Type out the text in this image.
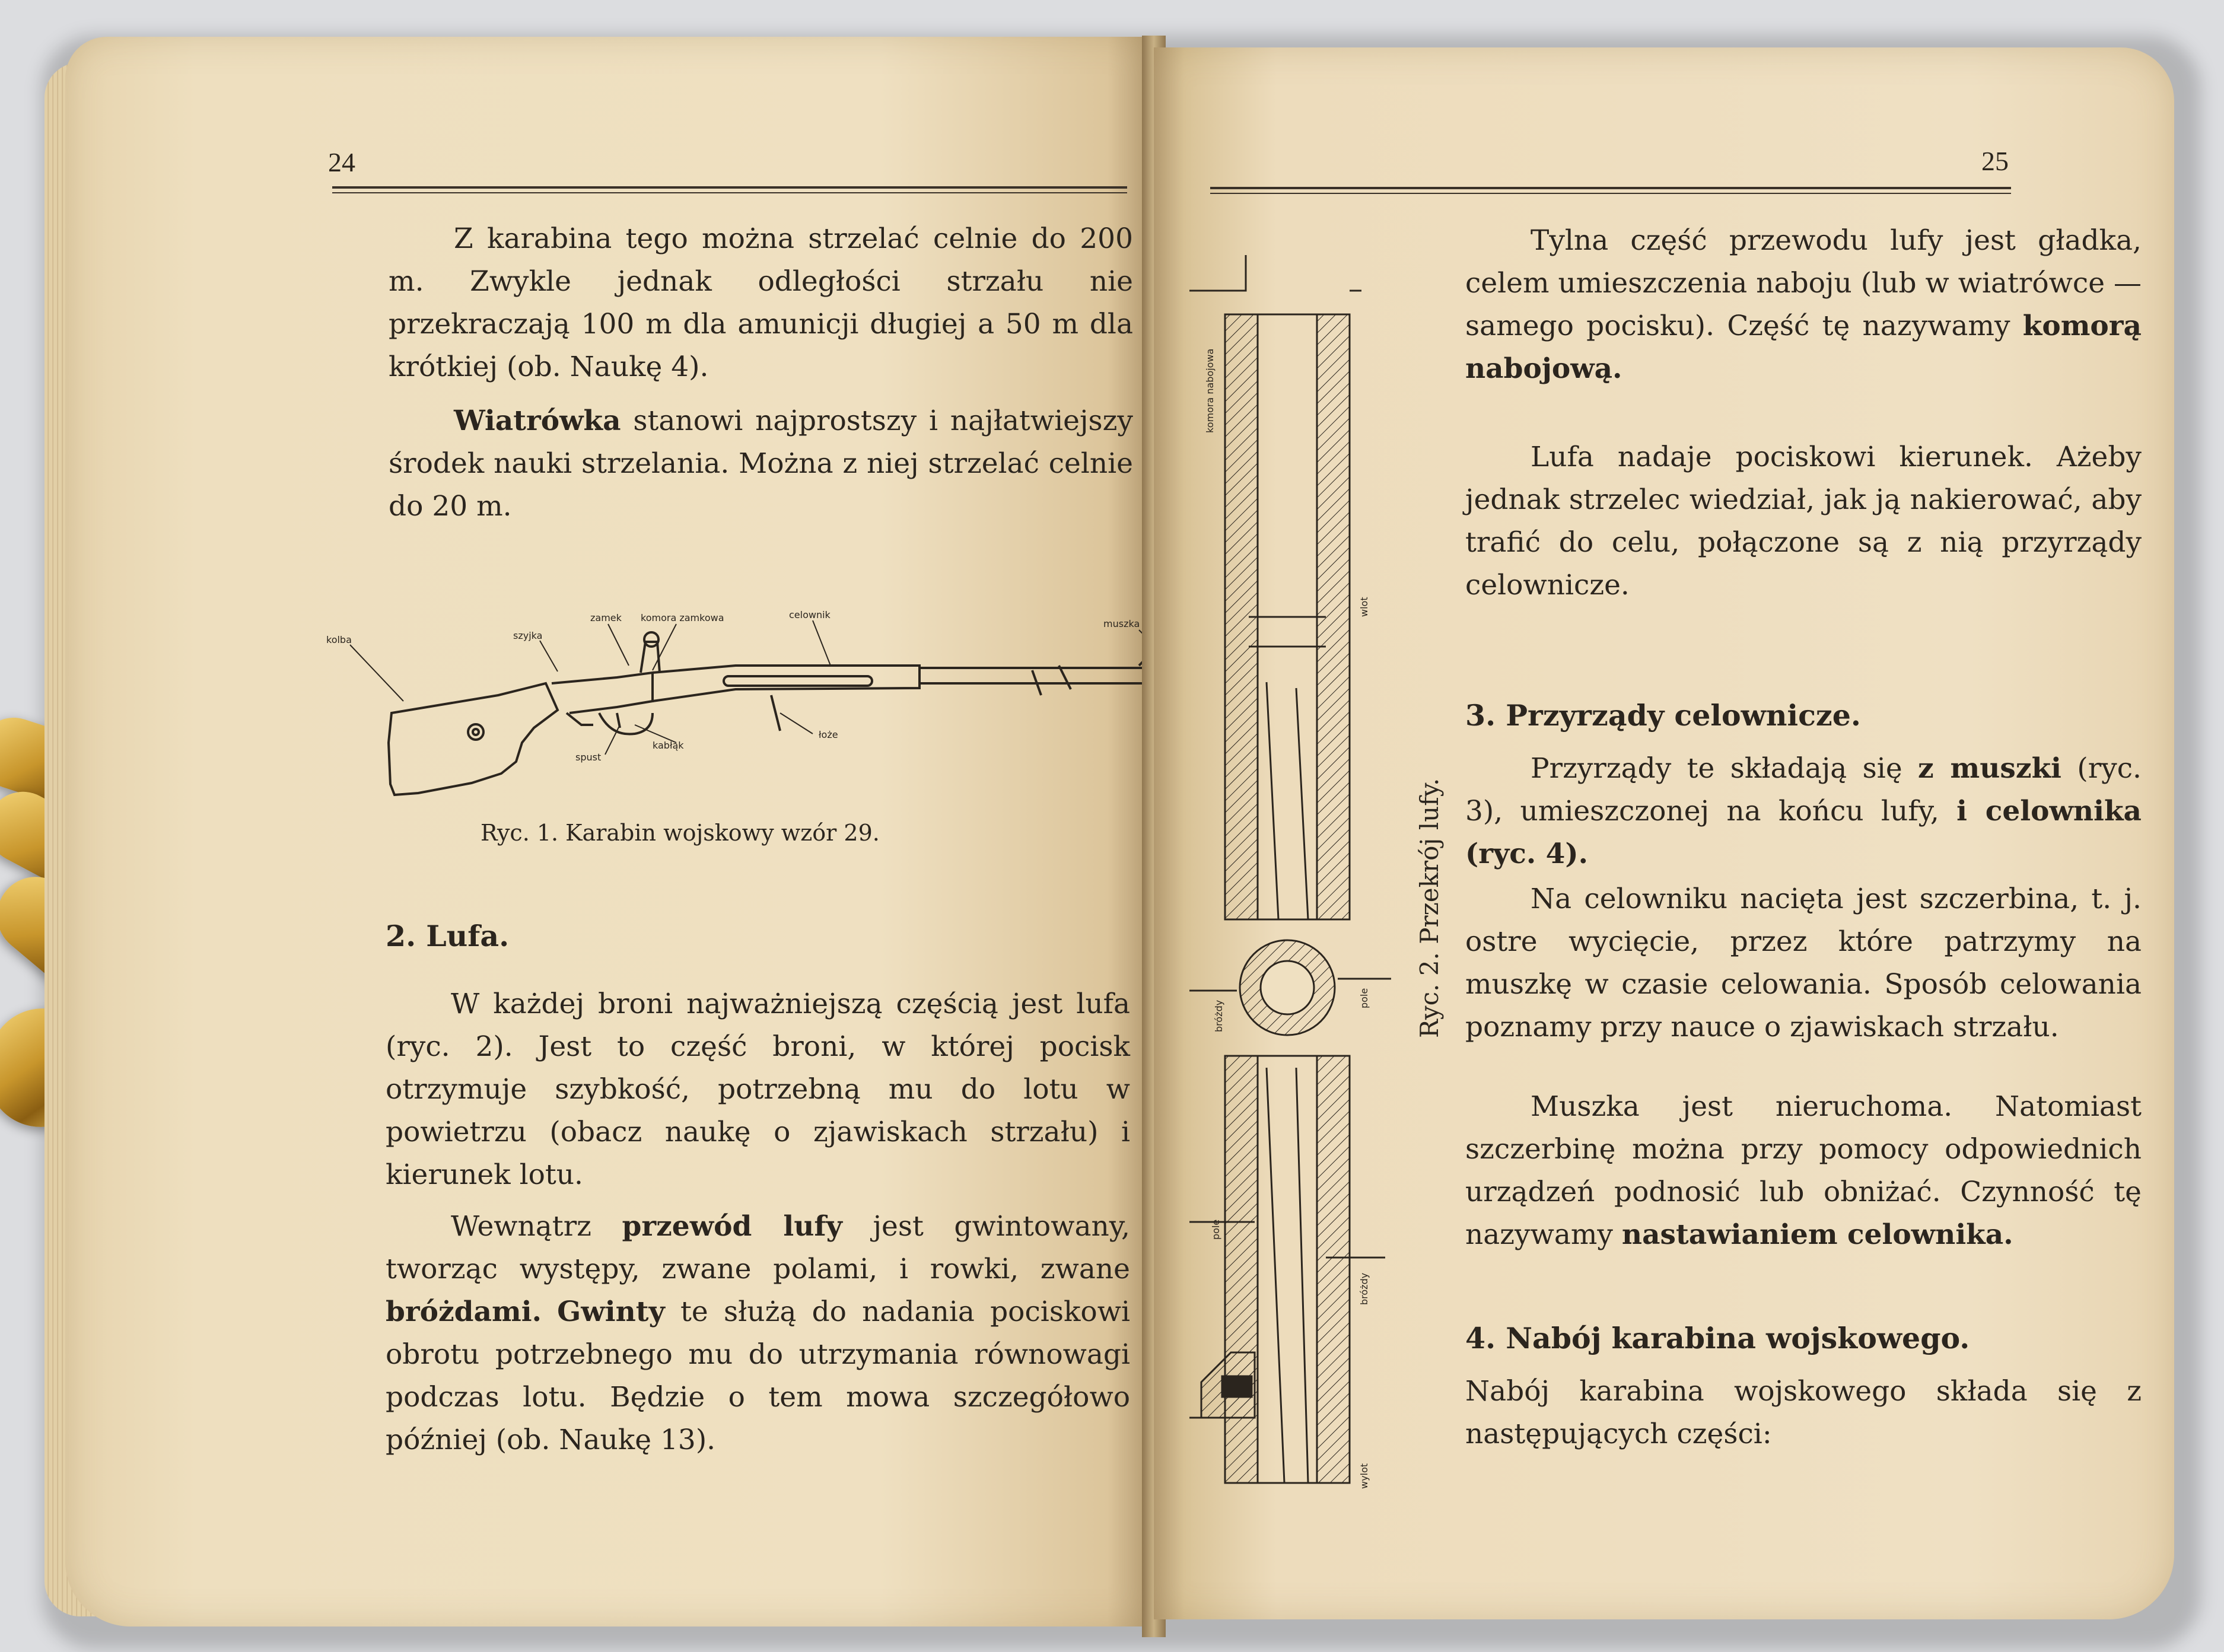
24

Z karabina tego można strzelać celnie do 200 m. Zwykle jednak odległości strzału nie przekraczają 100 m dla amunicji długiej a 50 m dla krótkiej (ob. Naukę 4).

Wiatrówka stanowi najprostszy i najłatwiejszy środek nauki strzelania. Można z niej strzelać celnie do 20 m.

kolba	szyjka
zamek komora zamkowa	celownik
muszka
spust
kabłąk
łoże
Ryc. 1. Karabin wojskowy wzór 29.
2. Lufa.

W każdej broni najważniejszą częścią jest lufa (ryc. 2). Jest to część broni, w której pocisk otrzymuje szybkość, potrzebną mu do lotu w powietrzu (obacz naukę o zjawiskach strzału) i kierunek lotu.

Wewnątrz przewód lufy jest gwintowany, tworząc występy, zwane polami, i rowki, zwane bróżdami. Gwinty te służą do nadania pociskowi obrotu potrzebnego mu do utrzymania równowagi podczas lotu. Będzie o tem mowa szczegółowo później (ob. Naukę 13).

25
komora nabojowa
wlot
bróżdy
pole
pole
bróżdy
wylot
Ryc. 2. Przekrój lufy.

Tylna część przewodu lufy jest gładka, celem umieszczenia naboju (lub w wiatrówce — samego pocisku). Część tę nazywamy komorą nabojową.

Lufa nadaje pociskowi kierunek. Ażeby jednak strzelec wiedział, jak ją nakierować, aby trafić do celu, połączone są z nią przyrządy celownicze.

3. Przyrządy celownicze.

Przyrządy te składają się z muszki (ryc. 3), umieszczonej na końcu lufy, i celownika (ryc. 4).

Na celowniku nacięta jest szczerbina, t. j. ostre wycięcie, przez które patrzymy na muszkę w czasie celowania. Sposób celowania poznamy przy nauce o zjawiskach strzału.

Muszka jest nieruchoma. Natomiast szczerbinę można przy pomocy odpowiednich urządzeń podnosić lub obniżać. Czynność tę nazywamy nastawianiem celownika.

4. Nabój karabina wojskowego.

Nabój karabina wojskowego składa się z następujących części:
